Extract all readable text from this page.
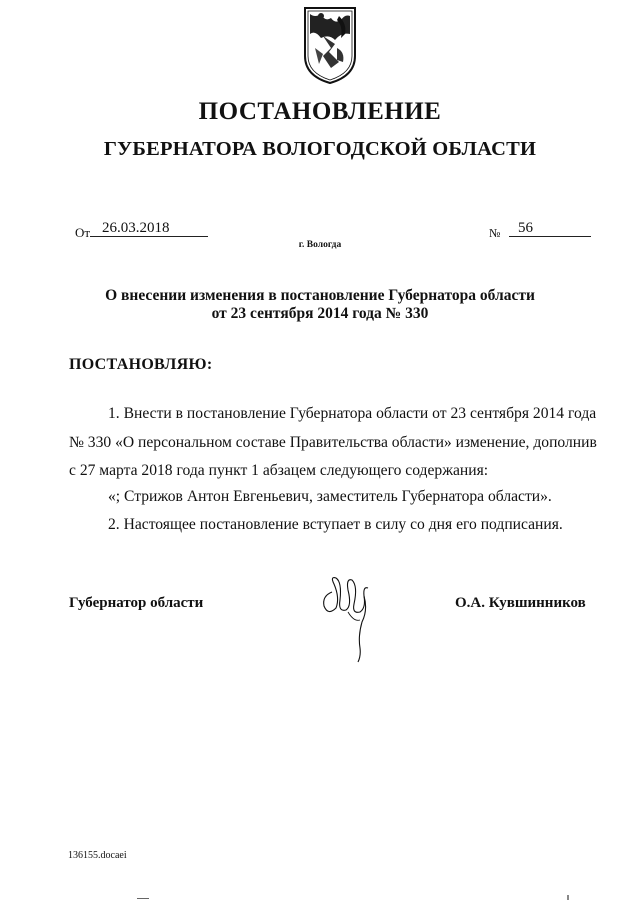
ПОСТАНОВЛЕНИЕ
ГУБЕРНАТОРА ВОЛОГОДСКОЙ ОБЛАСТИ
От 26.03.2018	№ 56
г. Вологда
О внесении изменения в постановление Губернатора области
от 23 сентября 2014 года № 330
ПОСТАНОВЛЯЮ:
1. Внести в постановление Губернатора области от 23 сентября 2014 года
№ 330 «О персональном составе Правительства области» изменение, дополнив
с 27 марта 2018 года пункт 1 абзацем следующего содержания:
«; Стрижов Антон Евгеньевич, заместитель Губернатора области».
2. Настоящее постановление вступает в силу со дня его подписания.
Губернатор области	О.А. Кувшинников
136155.docaei
